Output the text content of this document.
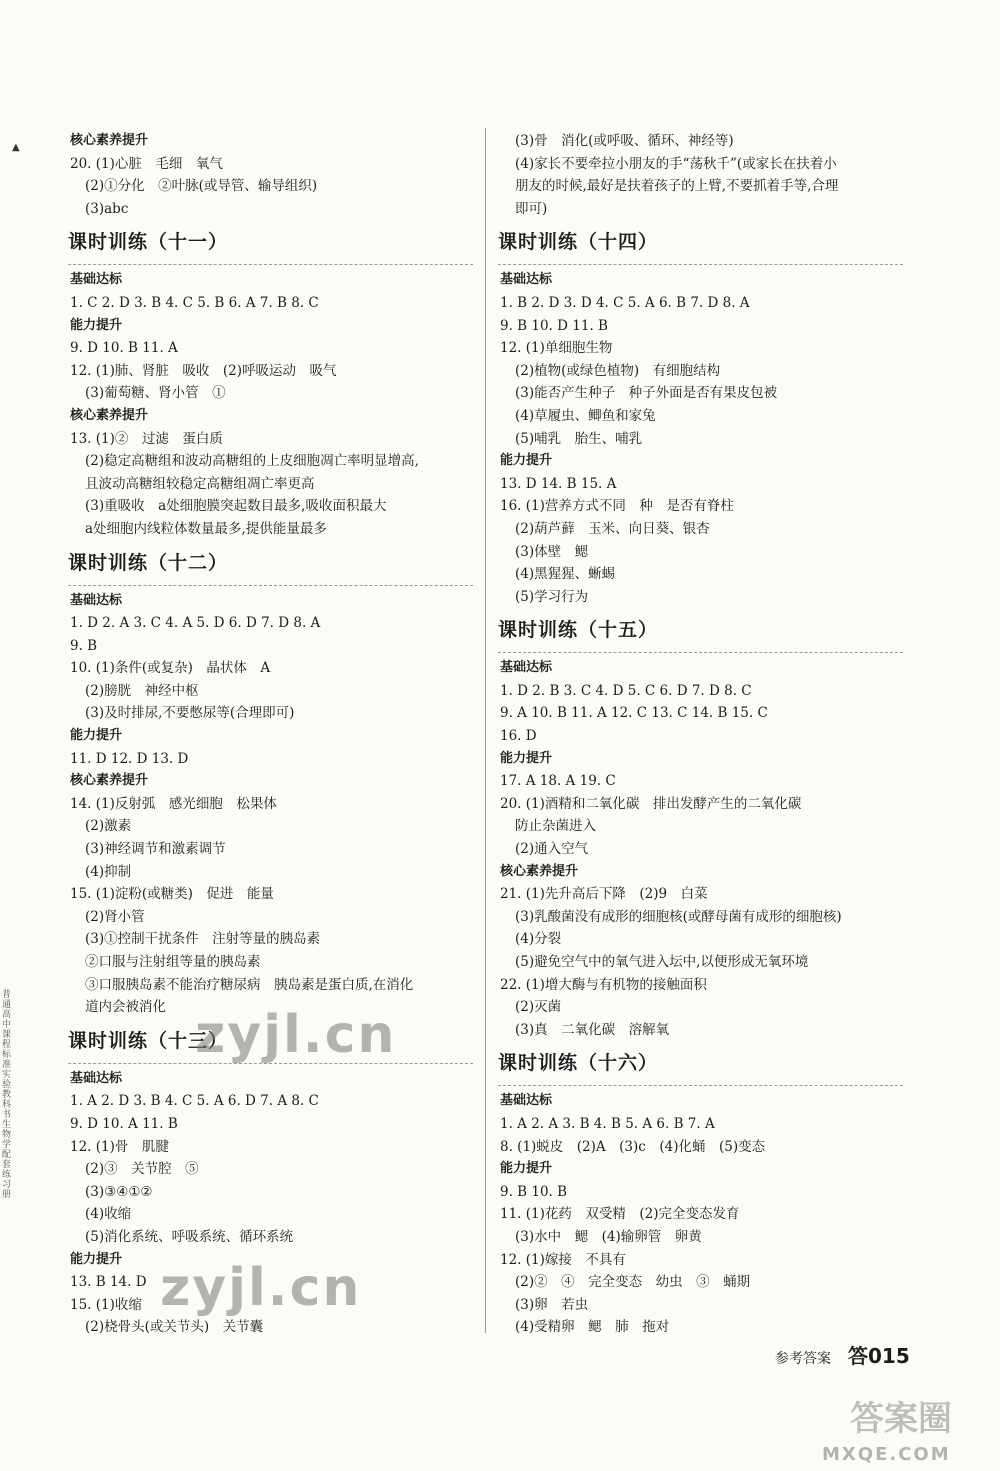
▲
普通高中课程标准实验教科书生物学配套练习册
核心素养提升
20. (1)心脏　毛细　氧气
(2)①分化　②叶脉(或导管、输导组织)
(3)abc
课时训练（十一）
基础达标
1. C 2. D 3. B 4. C 5. B 6. A 7. B 8. C
能力提升
9. D 10. B 11. A
12. (1)肺、肾脏　吸收　(2)呼吸运动　吸气
(3)葡萄糖、肾小管　①
核心素养提升
13. (1)②　过滤　蛋白质
(2)稳定高糖组和波动高糖组的上皮细胞凋亡率明显增高,
且波动高糖组较稳定高糖组凋亡率更高
(3)重吸收　a处细胞膜突起数目最多,吸收面积最大
a处细胞内线粒体数量最多,提供能量最多
课时训练（十二）
基础达标
1. D 2. A 3. C 4. A 5. D 6. D 7. D 8. A
9. B
10. (1)条件(或复杂)　晶状体　A
(2)膀胱　神经中枢
(3)及时排尿,不要憋尿等(合理即可)
能力提升
11. D 12. D 13. D
核心素养提升
14. (1)反射弧　感光细胞　松果体
(2)激素
(3)神经调节和激素调节
(4)抑制
15. (1)淀粉(或糖类)　促进　能量
(2)肾小管
(3)①控制干扰条件　注射等量的胰岛素
②口服与注射组等量的胰岛素
③口服胰岛素不能治疗糖尿病　胰岛素是蛋白质,在消化
道内会被消化
课时训练（十三）
基础达标
1. A 2. D 3. B 4. C 5. A 6. D 7. A 8. C
9. D 10. A 11. B
12. (1)骨　肌腱
(2)③　关节腔　⑤
(3)③④①②
(4)收缩
(5)消化系统、呼吸系统、循环系统
能力提升
13. B 14. D
15. (1)收缩
(2)桡骨头(或关节头)　关节囊
(3)骨　消化(或呼吸、循环、神经等)
(4)家长不要牵拉小朋友的手“荡秋千”(或家长在扶着小
朋友的时候,最好是扶着孩子的上臂,不要抓着手等,合理
即可)
课时训练（十四）
基础达标
1. B 2. D 3. D 4. C 5. A 6. B 7. D 8. A
9. B 10. D 11. B
12. (1)单细胞生物
(2)植物(或绿色植物)　有细胞结构
(3)能否产生种子　种子外面是否有果皮包被
(4)草履虫、鲫鱼和家兔
(5)哺乳　胎生、哺乳
能力提升
13. D 14. B 15. A
16. (1)营养方式不同　种　是否有脊柱
(2)葫芦藓　玉米、向日葵、银杏
(3)体壁　鳃
(4)黑猩猩、蜥蜴
(5)学习行为
课时训练（十五）
基础达标
1. D 2. B 3. C 4. D 5. C 6. D 7. D 8. C
9. A 10. B 11. A 12. C 13. C 14. B 15. C
16. D
能力提升
17. A 18. A 19. C
20. (1)酒精和二氧化碳　排出发酵产生的二氧化碳
防止杂菌进入
(2)通入空气
核心素养提升
21. (1)先升高后下降　(2)9　白菜
(3)乳酸菌没有成形的细胞核(或酵母菌有成形的细胞核)
(4)分裂
(5)避免空气中的氧气进入坛中,以便形成无氧环境
22. (1)增大酶与有机物的接触面积
(2)灭菌
(3)真　二氧化碳　溶解氧
课时训练（十六）
基础达标
1. A 2. A 3. B 4. B 5. A 6. B 7. A
8. (1)蜕皮　(2)A　(3)c　(4)化蛹　(5)变态
能力提升
9. B 10. B
11. (1)花药　双受精　(2)完全变态发育
(3)水中　鳃　(4)输卵管　卵黄
12. (1)嫁接　不具有
(2)②　④　完全变态　幼虫　③　蛹期
(3)卵　若虫
(4)受精卵　鳃　肺　拖对
参考答案 答015
zyjl.cn
zyjl.cn
答案圈
MXQE.COM
